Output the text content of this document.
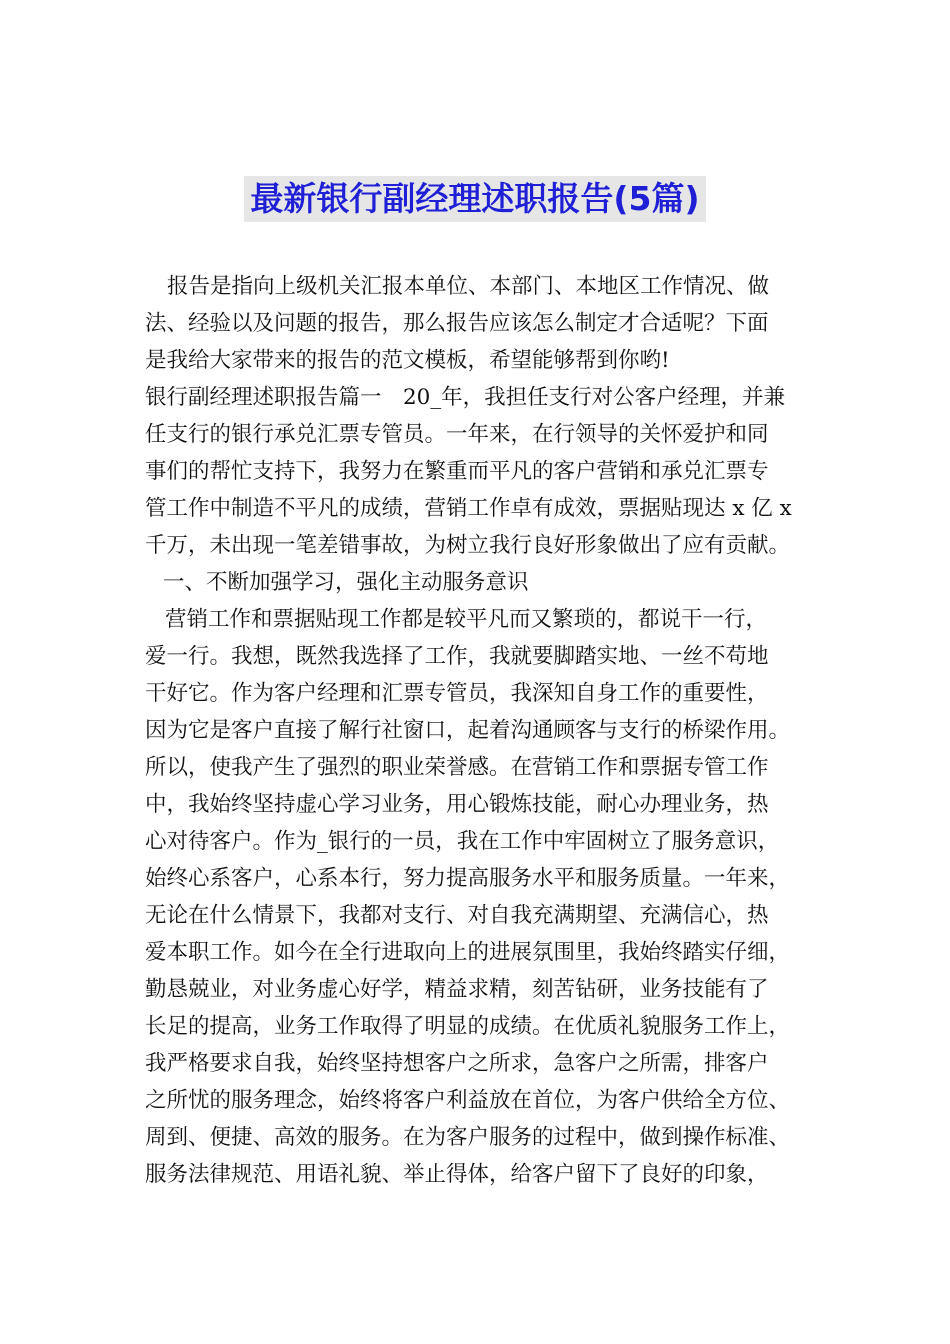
最新银行副经理述职报告(5篇)
报告是指向上级机关汇报本单位、本部门、本地区工作情况、做
法、经验以及问题的报告，那么报告应该怎么制定才合适呢？下面
是我给大家带来的报告的范文模板，希望能够帮到你哟!
银行副经理述职报告篇一　20_年，我担任支行对公客户经理，并兼
任支行的银行承兑汇票专管员。一年来，在行领导的关怀爱护和同
事们的帮忙支持下，我努力在繁重而平凡的客户营销和承兑汇票专
管工作中制造不平凡的成绩，营销工作卓有成效，票据贴现达 x 亿 x
千万，未出现一笔差错事故，为树立我行良好形象做出了应有贡献。
一、不断加强学习，强化主动服务意识
营销工作和票据贴现工作都是较平凡而又繁琐的，都说干一行，
爱一行。我想，既然我选择了工作，我就要脚踏实地、一丝不苟地
干好它。作为客户经理和汇票专管员，我深知自身工作的重要性，
因为它是客户直接了解行社窗口，起着沟通顾客与支行的桥梁作用。
所以，使我产生了强烈的职业荣誉感。在营销工作和票据专管工作
中，我始终坚持虚心学习业务，用心锻炼技能，耐心办理业务，热
心对待客户。作为_银行的一员，我在工作中牢固树立了服务意识，
始终心系客户，心系本行，努力提高服务水平和服务质量。一年来，
无论在什么情景下，我都对支行、对自我充满期望、充满信心，热
爱本职工作。如今在全行进取向上的进展氛围里，我始终踏实仔细，
勤恳兢业，对业务虚心好学，精益求精，刻苦钻研，业务技能有了
长足的提高，业务工作取得了明显的成绩。在优质礼貌服务工作上，
我严格要求自我，始终坚持想客户之所求，急客户之所需，排客户
之所忧的服务理念，始终将客户利益放在首位，为客户供给全方位、
周到、便捷、高效的服务。在为客户服务的过程中，做到操作标准、
服务法律规范、用语礼貌、举止得体，给客户留下了良好的印象，
